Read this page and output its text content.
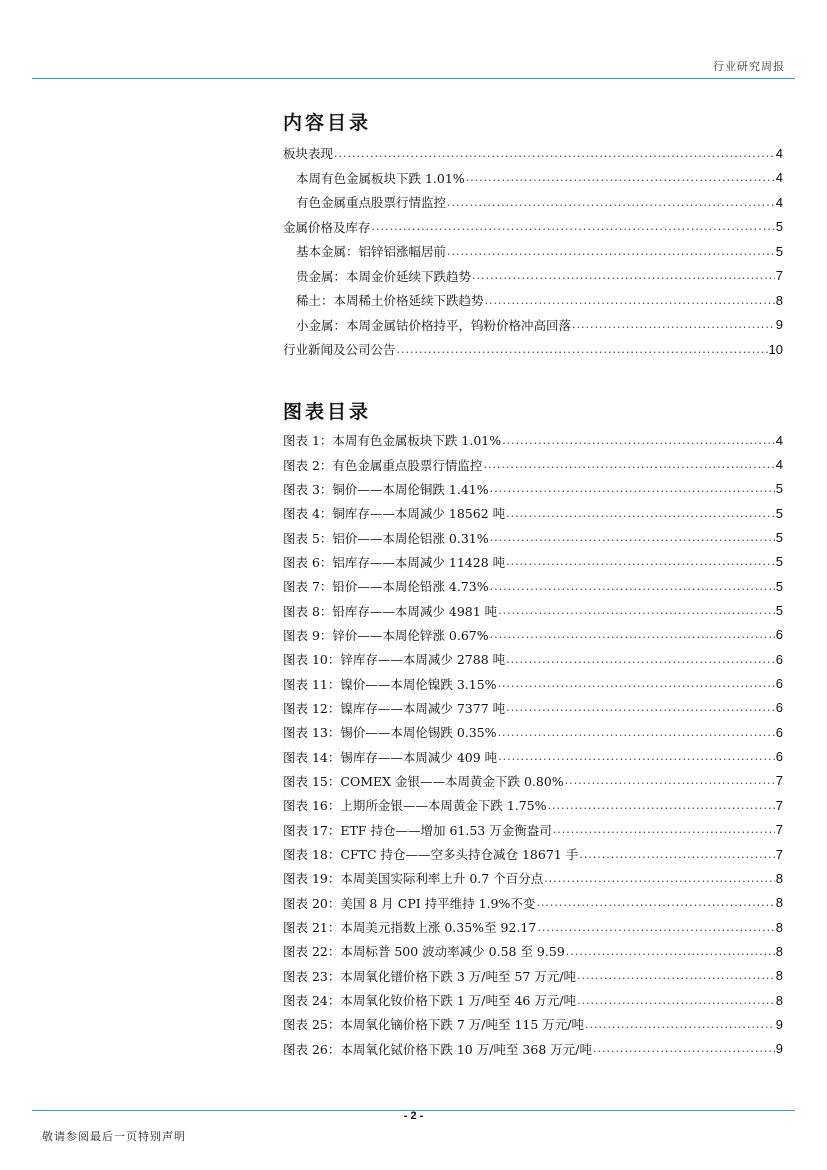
行业研究周报
内容目录
板块表现 .....	4
本周有色金属板块下跌 1.01% .....	4
有色金属重点股票行情监控 .....	4
金属价格及库存 .....	5
基本金属：铝锌铝涨幅居前 .....	5
贵金属：本周金价延续下跌趋势 .....	7
稀土：本周稀土价格延续下跌趋势 .....	8
小金属：本周金属钴价格持平，钨粉价格冲高回落 .....	9
行业新闻及公司公告 .....	10
图表目录
图表 1：本周有色金属板块下跌 1.01% .....	4
图表 2：有色金属重点股票行情监控 .....	4
图表 3：铜价——本周伦铜跌 1.41% .....	5
图表 4：铜库存——本周减少 18562 吨 .....	5
图表 5：铝价——本周伦铝涨 0.31% .....	5
图表 6：铝库存——本周减少 11428 吨 .....	5
图表 7：铅价——本周伦铅涨 4.73% .....	5
图表 8：铅库存——本周减少 4981 吨 .....	5
图表 9：锌价——本周伦锌涨 0.67% .....	6
图表 10：锌库存——本周减少 2788 吨 .....	6
图表 11：镍价——本周伦镍跌 3.15% .....	6
图表 12：镍库存——本周减少 7377 吨 .....	6
图表 13：锡价——本周伦锡跌 0.35% .....	6
图表 14：锡库存——本周减少 409 吨 .....	6
图表 15：COMEX 金银——本周黄金下跌 0.80% .....	7
图表 16：上期所金银——本周黄金下跌 1.75% .....	7
图表 17：ETF 持仓——增加 61.53 万金衡盎司 .....	7
图表 18：CFTC 持仓——空多头持仓减仓 18671 手 .....	7
图表 19：本周美国实际利率上升 0.7 个百分点 .....	8
图表 20：美国 8 月 CPI 持平维持 1.9%不变 .....	8
图表 21：本周美元指数上涨 0.35%至 92.17 .....	8
图表 22：本周标普 500 波动率减少 0.58 至 9.59 .....	8
图表 23：本周氧化镨价格下跌 3 万/吨至 57 万元/吨 .....	8
图表 24：本周氧化钕价格下跌 1 万/吨至 46 万元/吨 .....	8
图表 25：本周氧化镝价格下跌 7 万/吨至 115 万元/吨 .....	9
图表 26：本周氧化铽价格下跌 10 万/吨至 368 万元/吨 .....	9
- 2 -
敬请参阅最后一页特别声明
